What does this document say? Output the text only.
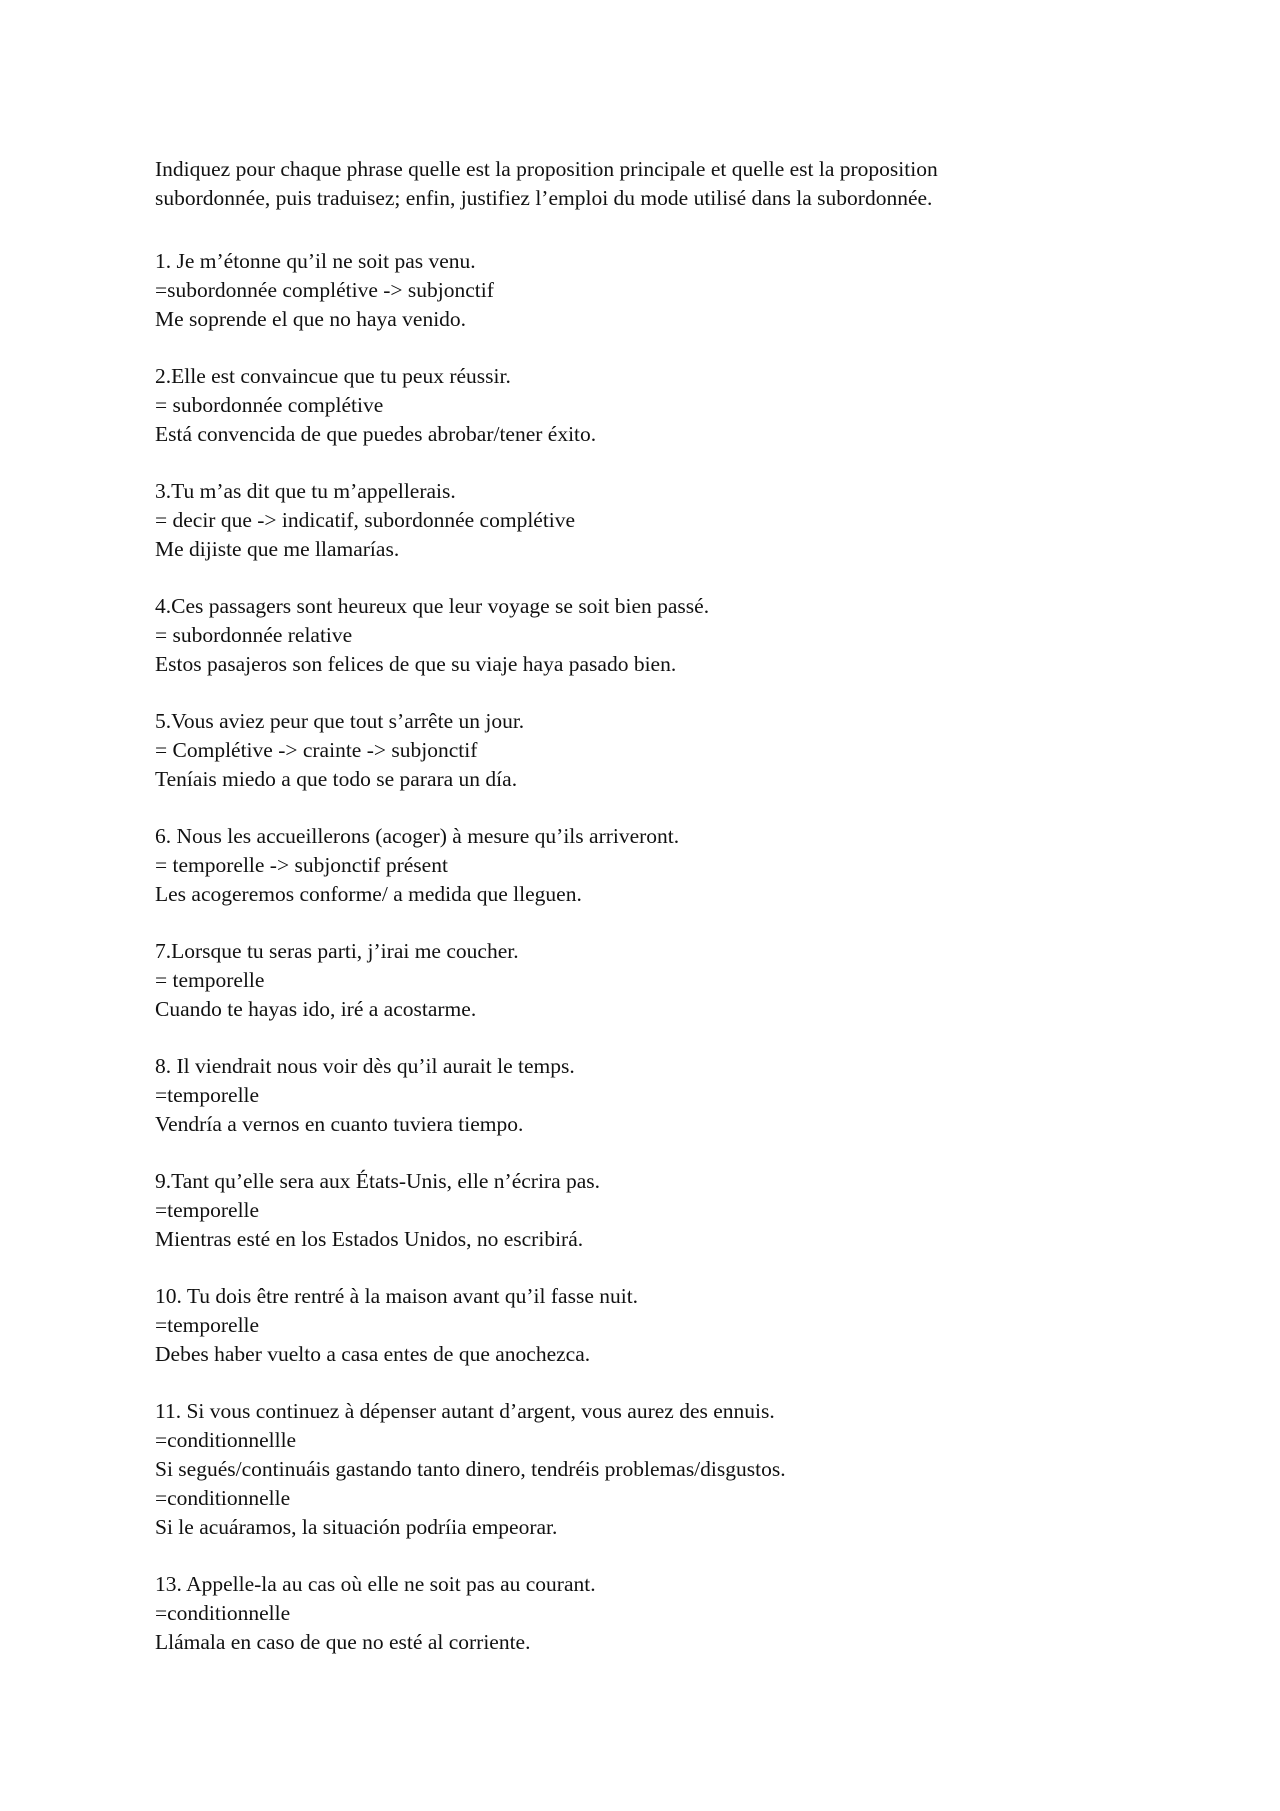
Indiquez pour chaque phrase quelle est la proposition principale et quelle est la proposition

subordonnée, puis traduisez; enfin, justifiez l’emploi du mode utilisé dans la subordonnée.

1. Je m’étonne qu’il ne soit pas venu.
=subordonnée complétive -> subjonctif
Me soprende el que no haya venido.
2.Elle est convaincue que tu peux réussir.
= subordonnée complétive
Está convencida de que puedes abrobar/tener éxito.
3.Tu m’as dit que tu m’appellerais.
= decir que -> indicatif, subordonnée complétive
Me dijiste que me llamarías.
4.Ces passagers sont heureux que leur voyage se soit bien passé.
= subordonnée relative
Estos pasajeros son felices de que su viaje haya pasado bien.
5.Vous aviez peur que tout s’arrête un jour.
= Complétive -> crainte -> subjonctif
Teníais miedo a que todo se parara un día.
6. Nous les accueillerons (acoger) à mesure qu’ils arriveront.
= temporelle -> subjonctif présent
Les acogeremos conforme/ a medida que lleguen.
7.Lorsque tu seras parti, j’irai me coucher.
= temporelle
Cuando te hayas ido, iré a acostarme.
8. Il viendrait nous voir dès qu’il aurait le temps.
=temporelle
Vendría a vernos en cuanto tuviera tiempo.
9.Tant qu’elle sera aux États-Unis, elle n’écrira pas.
=temporelle
Mientras esté en los Estados Unidos, no escribirá.
10. Tu dois être rentré à la maison avant qu’il fasse nuit.
=temporelle
Debes haber vuelto a casa entes de que anochezca.
11. Si vous continuez à dépenser autant d’argent, vous aurez des ennuis.
=conditionnellle
Si segués/continuáis gastando tanto dinero, tendréis problemas/disgustos.
=conditionnelle
Si le acuáramos, la situación podríia empeorar.
13. Appelle-la au cas où elle ne soit pas au courant.
=conditionnelle
Llámala en caso de que no esté al corriente.
